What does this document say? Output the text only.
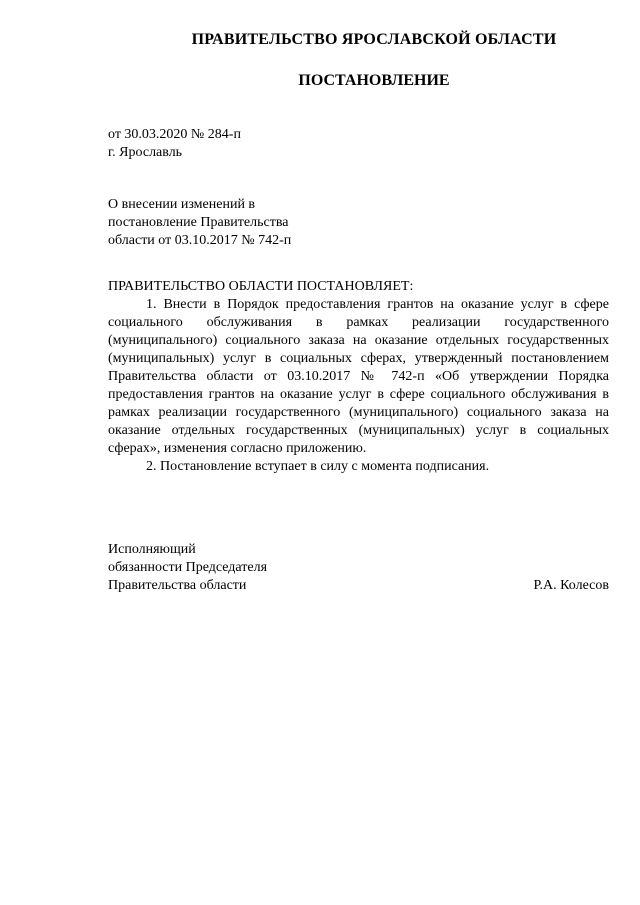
ПРАВИТЕЛЬСТВО ЯРОСЛАВСКОЙ ОБЛАСТИ
ПОСТАНОВЛЕНИЕ
от 30.03.2020 № 284-п
г. Ярославль
О внесении изменений в
постановление Правительства
области от 03.10.2017 № 742-п
ПРАВИТЕЛЬСТВО ОБЛАСТИ ПОСТАНОВЛЯЕТ:

1. Внести в Порядок предоставления грантов на оказание услуг в сфере социального обслуживания в рамках реализации государственного (муниципального) социального заказа на оказание отдельных государственных (муниципальных) услуг в социальных сферах, утвержденный постановлением Правительства области от 03.10.2017 № 742-п «Об утверждении Порядка предоставления грантов на оказание услуг в сфере социального обслуживания в рамках реализации государственного (муниципального) социального заказа на оказание отдельных государственных (муниципальных) услуг в социальных сферах», изменения согласно приложению.

2. Постановление вступает в силу с момента подписания.

Исполняющий
обязанности Председателя
Правительства области	Р.А. Колесов
